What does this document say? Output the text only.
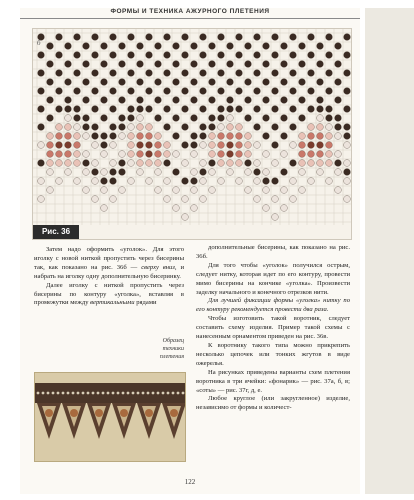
ФОРМЫ И ТЕХНИКА АЖУРНОГО ПЛЕТЕНИЯ
б
Рис. 36

Затем надо оформить «уголок». Для этого иголку с новой ниткой пропустить через бисерины так, как показано на рис. 36б — сверху вниз, и набрать на иголку одну дополнительную бисеринку.

Далее иголку с ниткой пропустить через бисерины по контуру «уголка», вставляя в промежутки между вертикальными рядами

дополнительные бисерины, как показано на рис. 36б.

Для того чтобы «уголок» получился острым, следует нитку, которая идет по его контуру, провести мимо бисерины на кончике «уголка». Произвести заделку начального и конечного отрезков нити.

Для лучшей фиксации формы «уголка» нитку по его контуру рекомендуется провести два раза.

Чтобы изготовить такой воротник, следует составить схему изделия. Пример такой схемы с нанесенным орнаментом приведен на рис. 36в.

К воротнику такого типа можно прикрепить несколько цепочек или тонких жгутов в виде ожерелья.

На рисунках приведены варианты схем плетения воротника в три ячейки: «фонарик» — рис. 37а, б, в; «соты» — рис. 37г, д, е.

Любое круглое (или закругленное) изделие, независимо от формы и количест-

Образец
техники
плетения
122
